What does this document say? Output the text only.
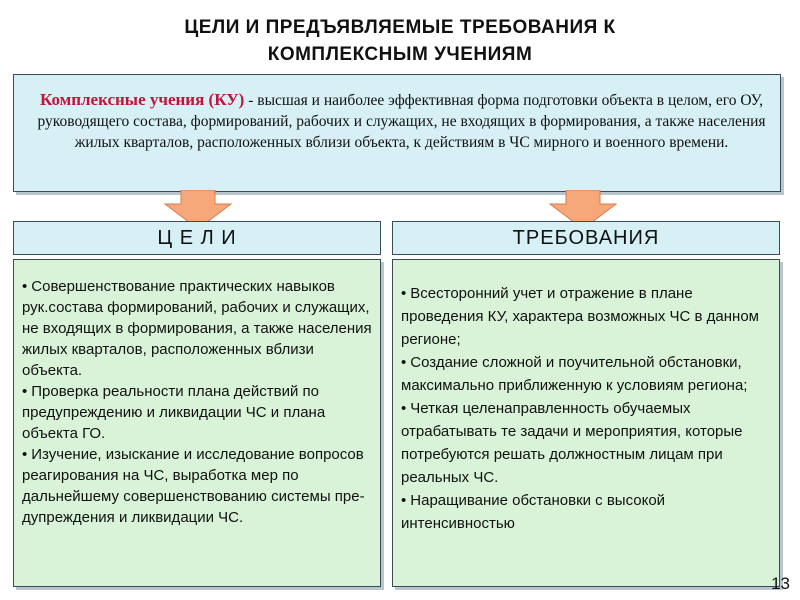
ЦЕЛИ И ПРЕДЪЯВЛЯЕМЫЕ ТРЕБОВАНИЯ К
КОМПЛЕКСНЫМ УЧЕНИЯМ
Комплексные учения (КУ) - высшая и наиболее эффективная форма подготовки объекта в целом, его ОУ, руководящего состава, формирований, рабочих и служащих, не входящих в формирования, а также населения жилых кварталов, расположенных вблизи объекта, к действиям в ЧС мирного и военного времени.
Ц Е Л И	ТРЕБОВАНИЯ
• Совершенствование практических навыков рук.состава формирований, рабочих и служащих, не входящих в формирования, а также населения жилых кварталов, расположенных вблизи объекта.
• Проверка реальности плана действий по предупреждению и ликвидации ЧС и плана объекта ГО.
• Изучение, изыскание и исследование вопросов реагирования на ЧС, выработка мер по дальнейшему совершенствованию системы пре-дупреждения и ликвидации ЧС.
• Всесторонний учет и отражение в плане проведения КУ, характера возможных ЧС в данном регионе;
• Создание сложной и поучительной обстановки, максимально приближенную к условиям региона;
• Четкая целенаправленность обучаемых отрабатывать те задачи и мероприятия, которые потребуются решать должностным лицам при реальных ЧС.
• Наращивание обстановки с высокой интенсивностью
13
